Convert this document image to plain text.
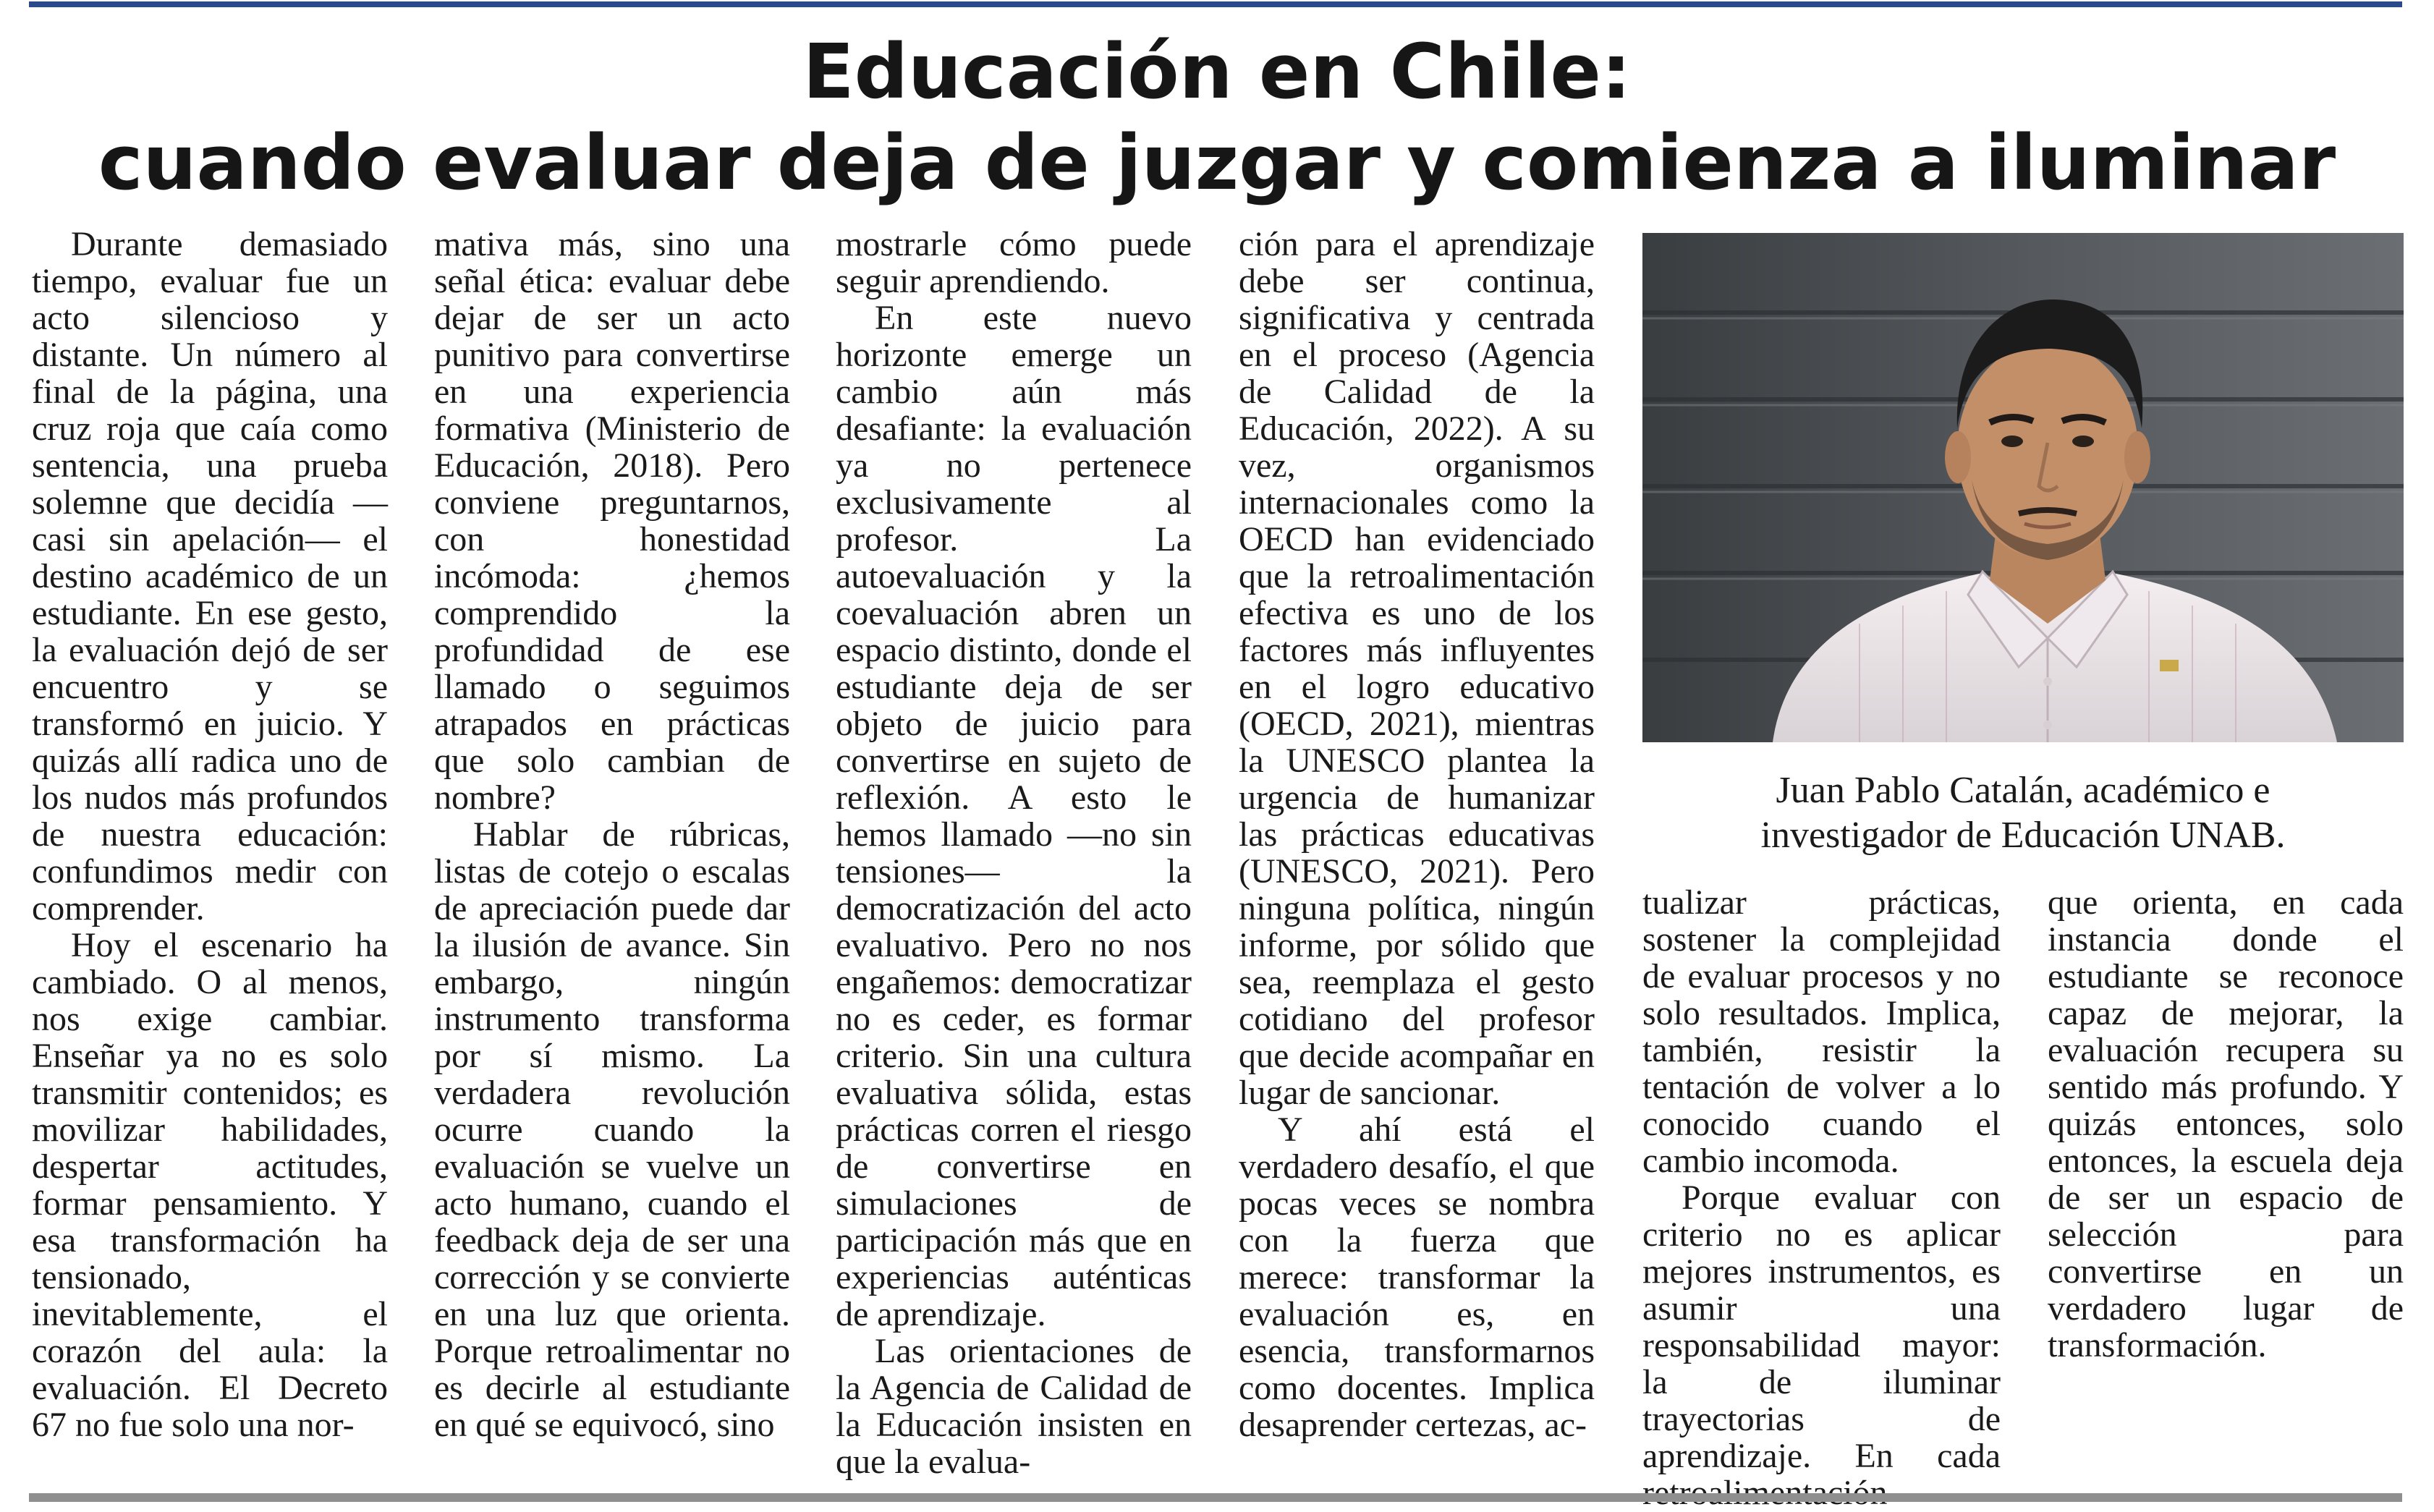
Educación en Chile:
cuando evaluar deja de juzgar y comienza a iluminar

Durante demasiado tiempo, evaluar fue un acto silencioso y distante. Un número al final de la página, una cruz roja que caía como sentencia, una prueba solemne que decidía —casi sin apelación— el destino académico de un estudiante. En ese gesto, la evaluación dejó de ser encuentro y se transformó en juicio. Y quizás allí radica uno de los nudos más profundos de nuestra educación: confundimos medir con comprender.

Hoy el escenario ha cambiado. O al menos, nos exige cambiar. Enseñar ya no es solo transmitir contenidos; es movilizar habilidades, despertar actitudes, formar pensamiento. Y esa transformación ha tensionado, inevitablemente, el corazón del aula: la evaluación. El Decreto 67 no fue solo una nor-

mativa más, sino una señal ética: evaluar debe dejar de ser un acto punitivo para convertirse en una experiencia formativa (Ministerio de Educación, 2018). Pero conviene preguntarnos, con honestidad incómoda: ¿hemos comprendido la profundidad de ese llamado o seguimos atrapados en prácticas que solo cambian de nombre?

Hablar de rúbricas, listas de cotejo o escalas de apreciación puede dar la ilusión de avance. Sin embargo, ningún instrumento transforma por sí mismo. La verdadera revolución ocurre cuando la evaluación se vuelve un acto humano, cuando el feedback deja de ser una corrección y se convierte en una luz que orienta. Porque retroalimentar no es decirle al estudiante en qué se equivocó, sino

mostrarle cómo puede seguir aprendiendo.

En este nuevo horizonte emerge un cambio aún más desafiante: la evaluación ya no pertenece exclusivamente al profesor. La autoevaluación y la coevaluación abren un espacio distinto, donde el estudiante deja de ser objeto de juicio para convertirse en sujeto de reflexión. A esto le hemos llamado —no sin tensiones— la democratización del acto evaluativo. Pero no nos engañemos: democratizar no es ceder, es formar criterio. Sin una cultura evaluativa sólida, estas prácticas corren el riesgo de convertirse en simulaciones de participación más que en experiencias auténticas de aprendizaje.

Las orientaciones de la Agencia de Calidad de la Educación insisten en que la evalua-

ción para el aprendizaje debe ser continua, significativa y centrada en el proceso (Agencia de Calidad de la Educación, 2022). A su vez, organismos internacionales como la OECD han evidenciado que la retroalimentación efectiva es uno de los factores más influyentes en el logro educativo (OECD, 2021), mientras la UNESCO plantea la urgencia de humanizar las prácticas educativas (UNESCO, 2021). Pero ninguna política, ningún informe, por sólido que sea, reemplaza el gesto cotidiano del profesor que decide acompañar en lugar de sancionar.

Y ahí está el verdadero desafío, el que pocas veces se nombra con la fuerza que merece: transformar la evaluación es, en esencia, transformarnos como docentes. Implica desaprender certezas, ac-

Juan Pablo Catalán, académico e
investigador de Educación UNAB.

tualizar prácticas, sostener la complejidad de evaluar procesos y no solo resultados. Implica, también, resistir la tentación de volver a lo conocido cuando el cambio incomoda.

Porque evaluar con criterio no es aplicar mejores instrumentos, es asumir una responsabilidad mayor: la de iluminar trayectorias de aprendizaje. En cada

que orienta, en cada instancia donde el estudiante se reconoce capaz de mejorar, la evaluación recupera su sentido más profundo. Y quizás entonces, solo entonces, la escuela deja de ser un espacio de selección para convertirse en un verdadero lugar de transformación.
